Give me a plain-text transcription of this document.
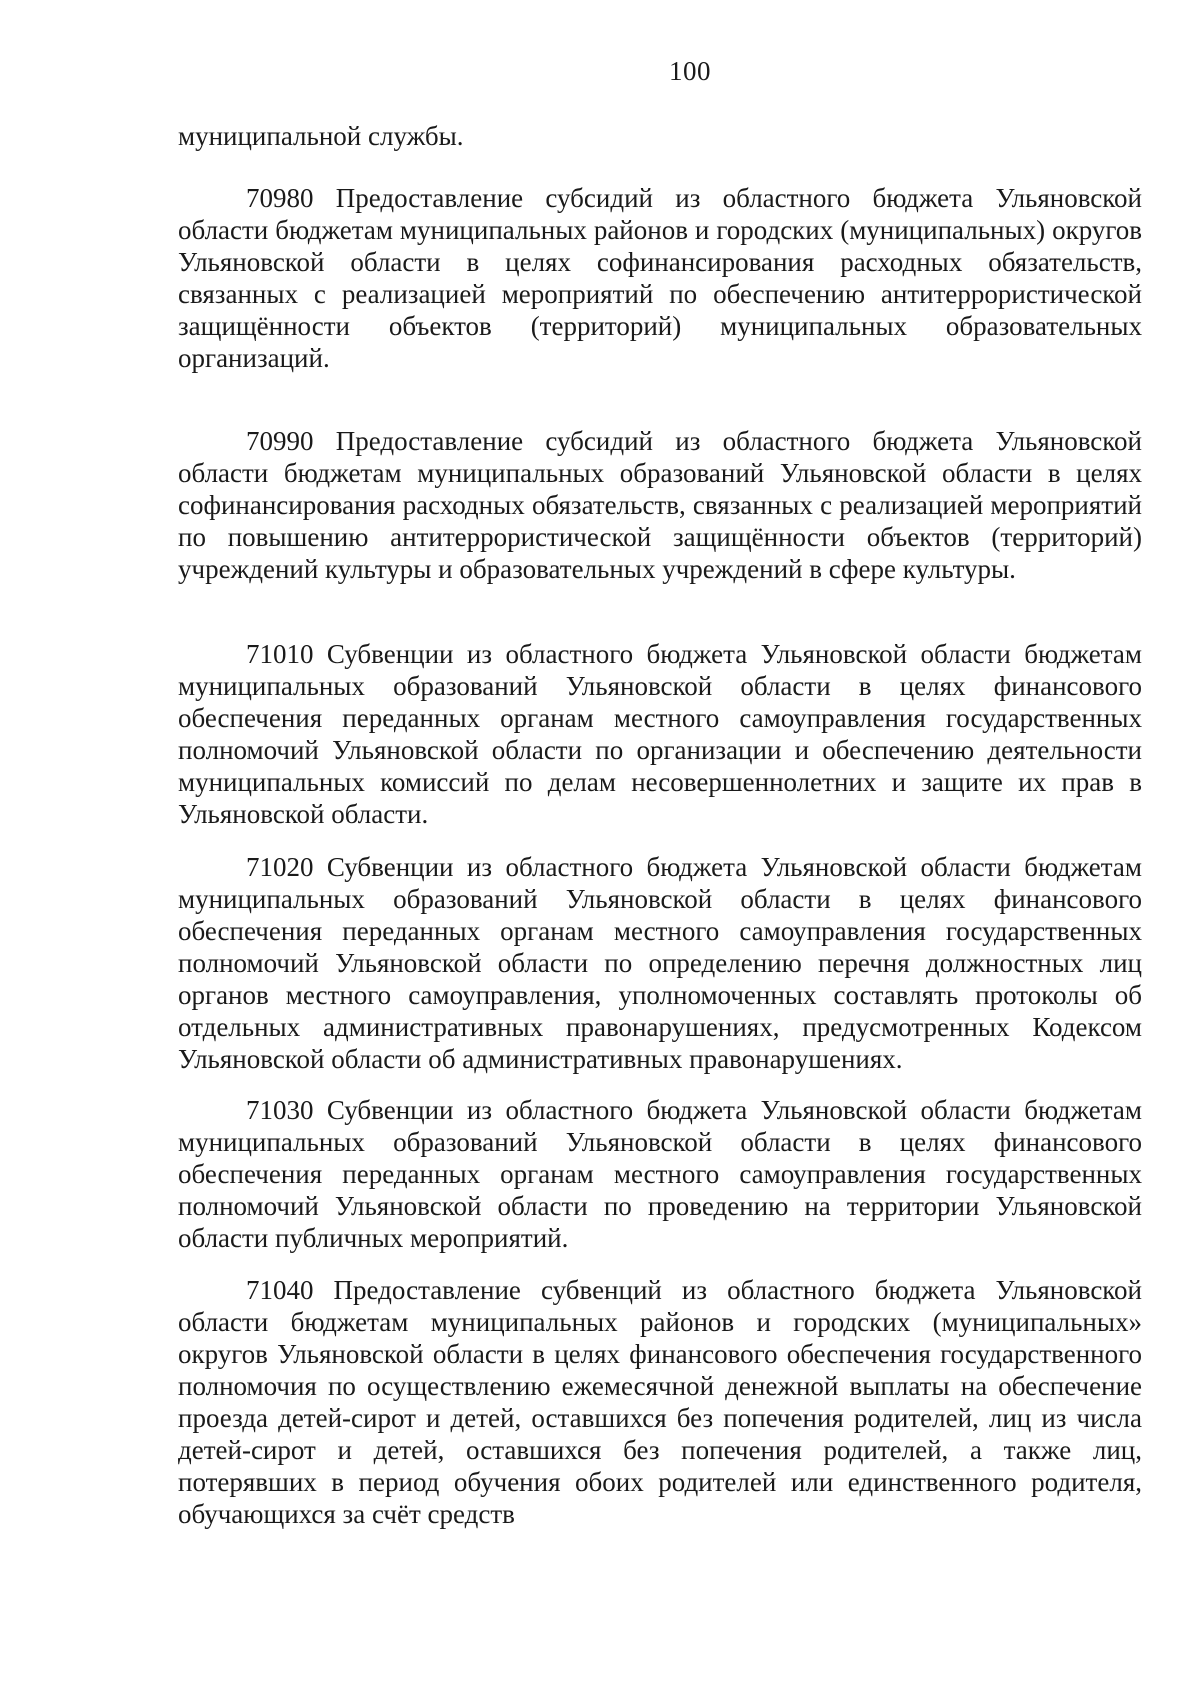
100
муниципальной службы.

70980 Предоставление субсидий из областного бюджета Ульяновской области бюджетам муниципальных районов и городских (муниципальных) округов Ульяновской области в целях софинансирования расходных обязательств, связанных с реализацией мероприятий по обеспечению антитеррористической защищённости объектов (территорий) муниципальных образовательных организаций.

70990 Предоставление субсидий из областного бюджета Ульяновской области бюджетам муниципальных образований Ульяновской области в целях софинансирования расходных обязательств, связанных с реализацией мероприятий по повышению антитеррористической защищённости объектов (территорий) учреждений культуры и образовательных учреждений в сфере культуры.

71010 Субвенции из областного бюджета Ульяновской области бюджетам муниципальных образований Ульяновской области в целях финансового обеспечения переданных органам местного самоуправления государственных полномочий Ульяновской области по организации и обеспечению деятельности муниципальных комиссий по делам несовершеннолетних и защите их прав в Ульяновской области.

71020 Субвенции из областного бюджета Ульяновской области бюджетам муниципальных образований Ульяновской области в целях финансового обеспечения переданных органам местного самоуправления государственных полномочий Ульяновской области по определению перечня должностных лиц органов местного самоуправления, уполномоченных составлять протоколы об отдельных административных правонарушениях, предусмотренных Кодексом Ульяновской области об административных правонарушениях.

71030 Субвенции из областного бюджета Ульяновской области бюджетам муниципальных образований Ульяновской области в целях финансового обеспечения переданных органам местного самоуправления государственных полномочий Ульяновской области по проведению на территории Ульяновской области публичных мероприятий.

71040 Предоставление субвенций из областного бюджета Ульяновской области бюджетам муниципальных районов и городских (муниципальных» округов Ульяновской области в целях финансового обеспечения государственного полномочия по осуществлению ежемесячной денежной выплаты на обеспечение проезда детей-сирот и детей, оставшихся без попечения родителей, лиц из числа детей-сирот и детей, оставшихся без попечения родителей, а также лиц, потерявших в период обучения обоих родителей или единственного родителя, обучающихся за счёт средств
